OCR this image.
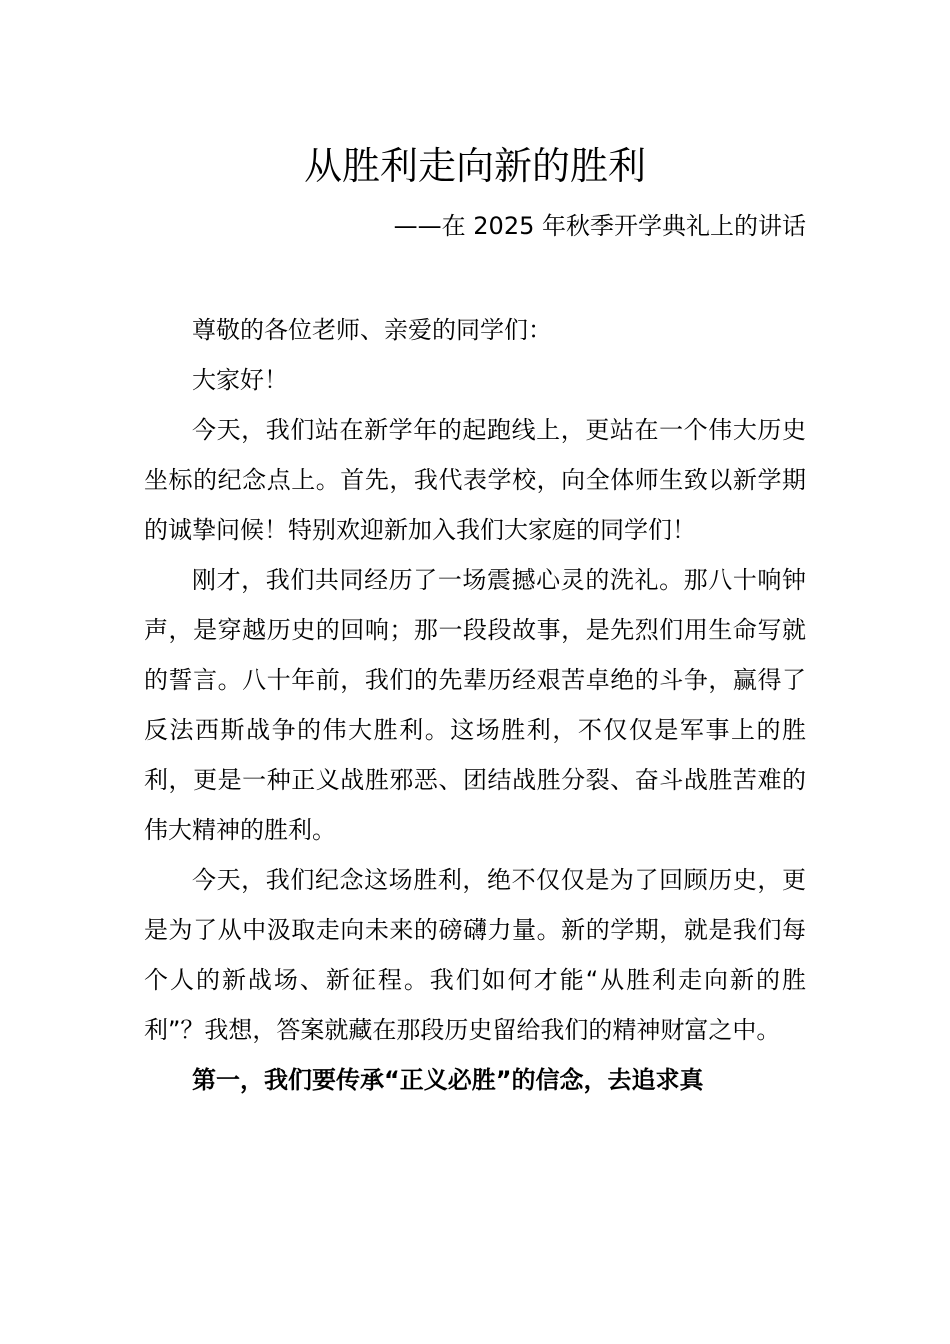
从胜利走向新的胜利
——在 2025 年秋季开学典礼上的讲话

尊敬的各位老师、亲爱的同学们：

大家好！

今天，我们站在新学年的起跑线上，更站在一个伟大历史坐标的纪念点上。首先，我代表学校，向全体师生致以新学期的诚挚问候！特别欢迎新加入我们大家庭的同学们！

刚才，我们共同经历了一场震撼心灵的洗礼。那八十响钟声，是穿越历史的回响；那一段段故事，是先烈们用生命写就的誓言。八十年前，我们的先辈历经艰苦卓绝的斗争，赢得了反法西斯战争的伟大胜利。这场胜利，不仅仅是军事上的胜利，更是一种正义战胜邪恶、团结战胜分裂、奋斗战胜苦难的伟大精神的胜利。

今天，我们纪念这场胜利，绝不仅仅是为了回顾历史，更是为了从中汲取走向未来的磅礴力量。新的学期，就是我们每个人的新战场、新征程。我们如何才能“从胜利走向新的胜利”？我想，答案就藏在那段历史留给我们的精神财富之中。

第一，我们要传承“正义必胜”的信念，去追求真
